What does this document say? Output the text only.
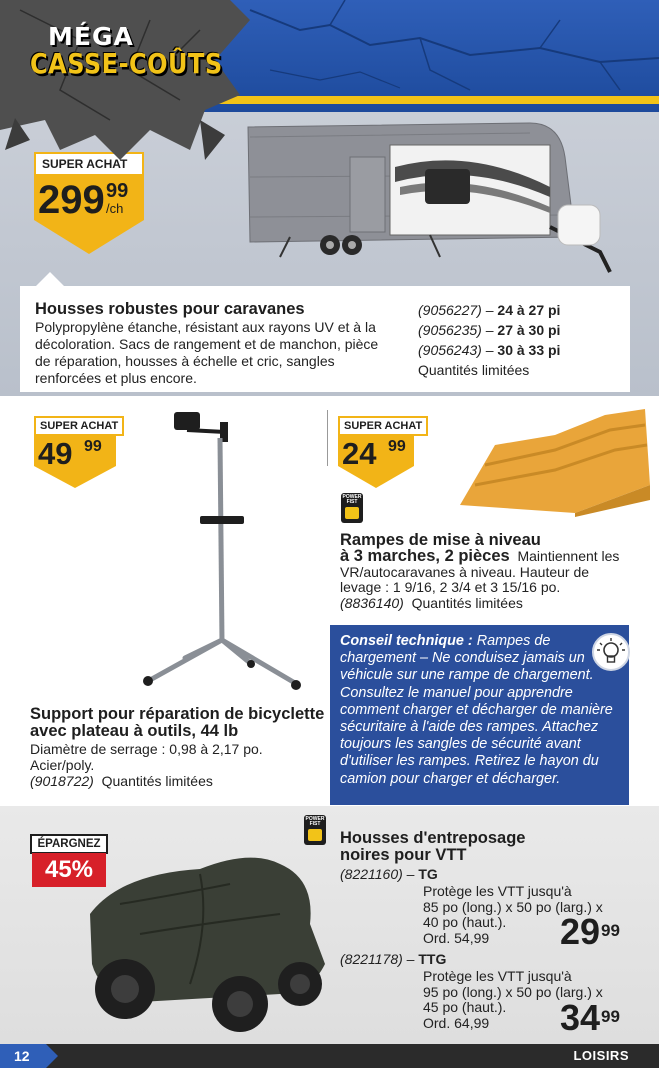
SUPER ACHAT
299 99
/ch
Housses robustes pour caravanes
Polypropylène étanche, résistant aux rayons UV et à la décoloration. Sacs de rangement et de manchon, pièce de réparation, housses à échelle et cric, sangles renforcées et plus encore.
(9056227) – 24 à 27 pi
(9056235) – 27 à 30 pi
(9056243) – 30 à 33 pi
Quantités limitées
MÉGA
CASSE-COÛTS
SUPER ACHAT
49 99
Support pour réparation de bicyclette
avec plateau à outils, 44 lb
Diamètre de serrage : 0,98 à 2,17 po.
Acier/poly.
(9018722) Quantités limitées
SUPER ACHAT
24 99
POWER FIST
Rampes de mise à niveau
à 3 marches, 2 pièces Maintiennent les VR/autocaravanes à niveau. Hauteur de levage : 1 9/16, 2 3/4 et 3 15/16 po.
(8836140) Quantités limitées
Conseil technique : Rampes de chargement – Ne conduisez jamais un véhicule sur une rampe de chargement. Consultez le manuel pour apprendre comment charger et décharger de manière sécuritaire à l'aide des rampes. Attachez toujours les sangles de sécurité avant d'utiliser les rampes. Retirez le hayon du camion pour charger et décharger.
ÉPARGNEZ
45%
POWER FIST
Housses d'entreposage
noires pour VTT
(8221160) – TG
Protège les VTT jusqu'à
85 po (long.) x 50 po (larg.) x
40 po (haut.).
Ord. 54,99	$29^{99}$
(8221178) – TTG
Protège les VTT jusqu'à
95 po (long.) x 50 po (larg.) x
45 po (haut.).
Ord. 64,99	$34^{99}$
12	LOISIRS
